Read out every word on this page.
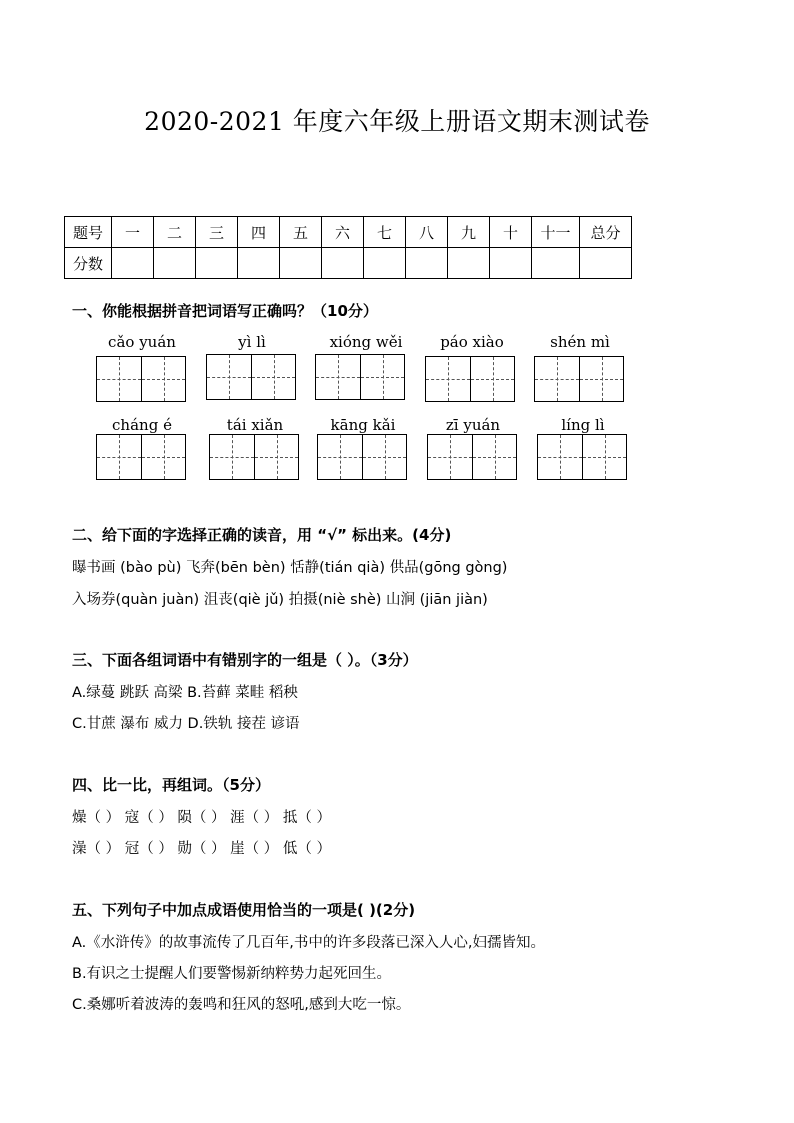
2020-2021 年度六年级上册语文期末测试卷
题号	一	二	三	四	五	六	七	八	九	十	十一	总分
分数												
一、你能根据拼音把词语写正确吗？（10分）
cǎo yuán	yì lì	xióng wěi	páo xiào	shén mì
cháng é	tái xiǎn	kāng kǎi	zī yuán	líng lì
二、给下面的字选择正确的读音，用 “√” 标出来。(4分)
曝书画 (bào pù) 飞奔(bēn bèn) 恬静(tián qià) 供品(gōng gòng)
入场券(quàn juàn) 沮丧(qiè jǔ) 拍摄(niè shè) 山涧 (jiān jiàn)
三、下面各组词语中有错别字的一组是（ ）。（3分）
A.绿蔓 跳跃 高梁 B.苔藓 菜畦 稻秧
C.甘蔗 瀑布 威力 D.铁轨 接茬 谚语
四、比一比，再组词。（5分）
燥（ ） 寇（ ） 陨（ ） 涯（ ） 抵（ ）
澡（ ） 冠（ ） 勋（ ） 崖（ ） 低（ ）
五、下列句子中加点成语使用恰当的一项是( )(2分)
A.《水浒传》的故事流传了几百年,书中的许多段落已深入人心,妇孺皆知。
B.有识之士提醒人们要警惕新纳粹势力起死回生。
C.桑娜听着波涛的轰鸣和狂风的怒吼,感到大吃一惊。
